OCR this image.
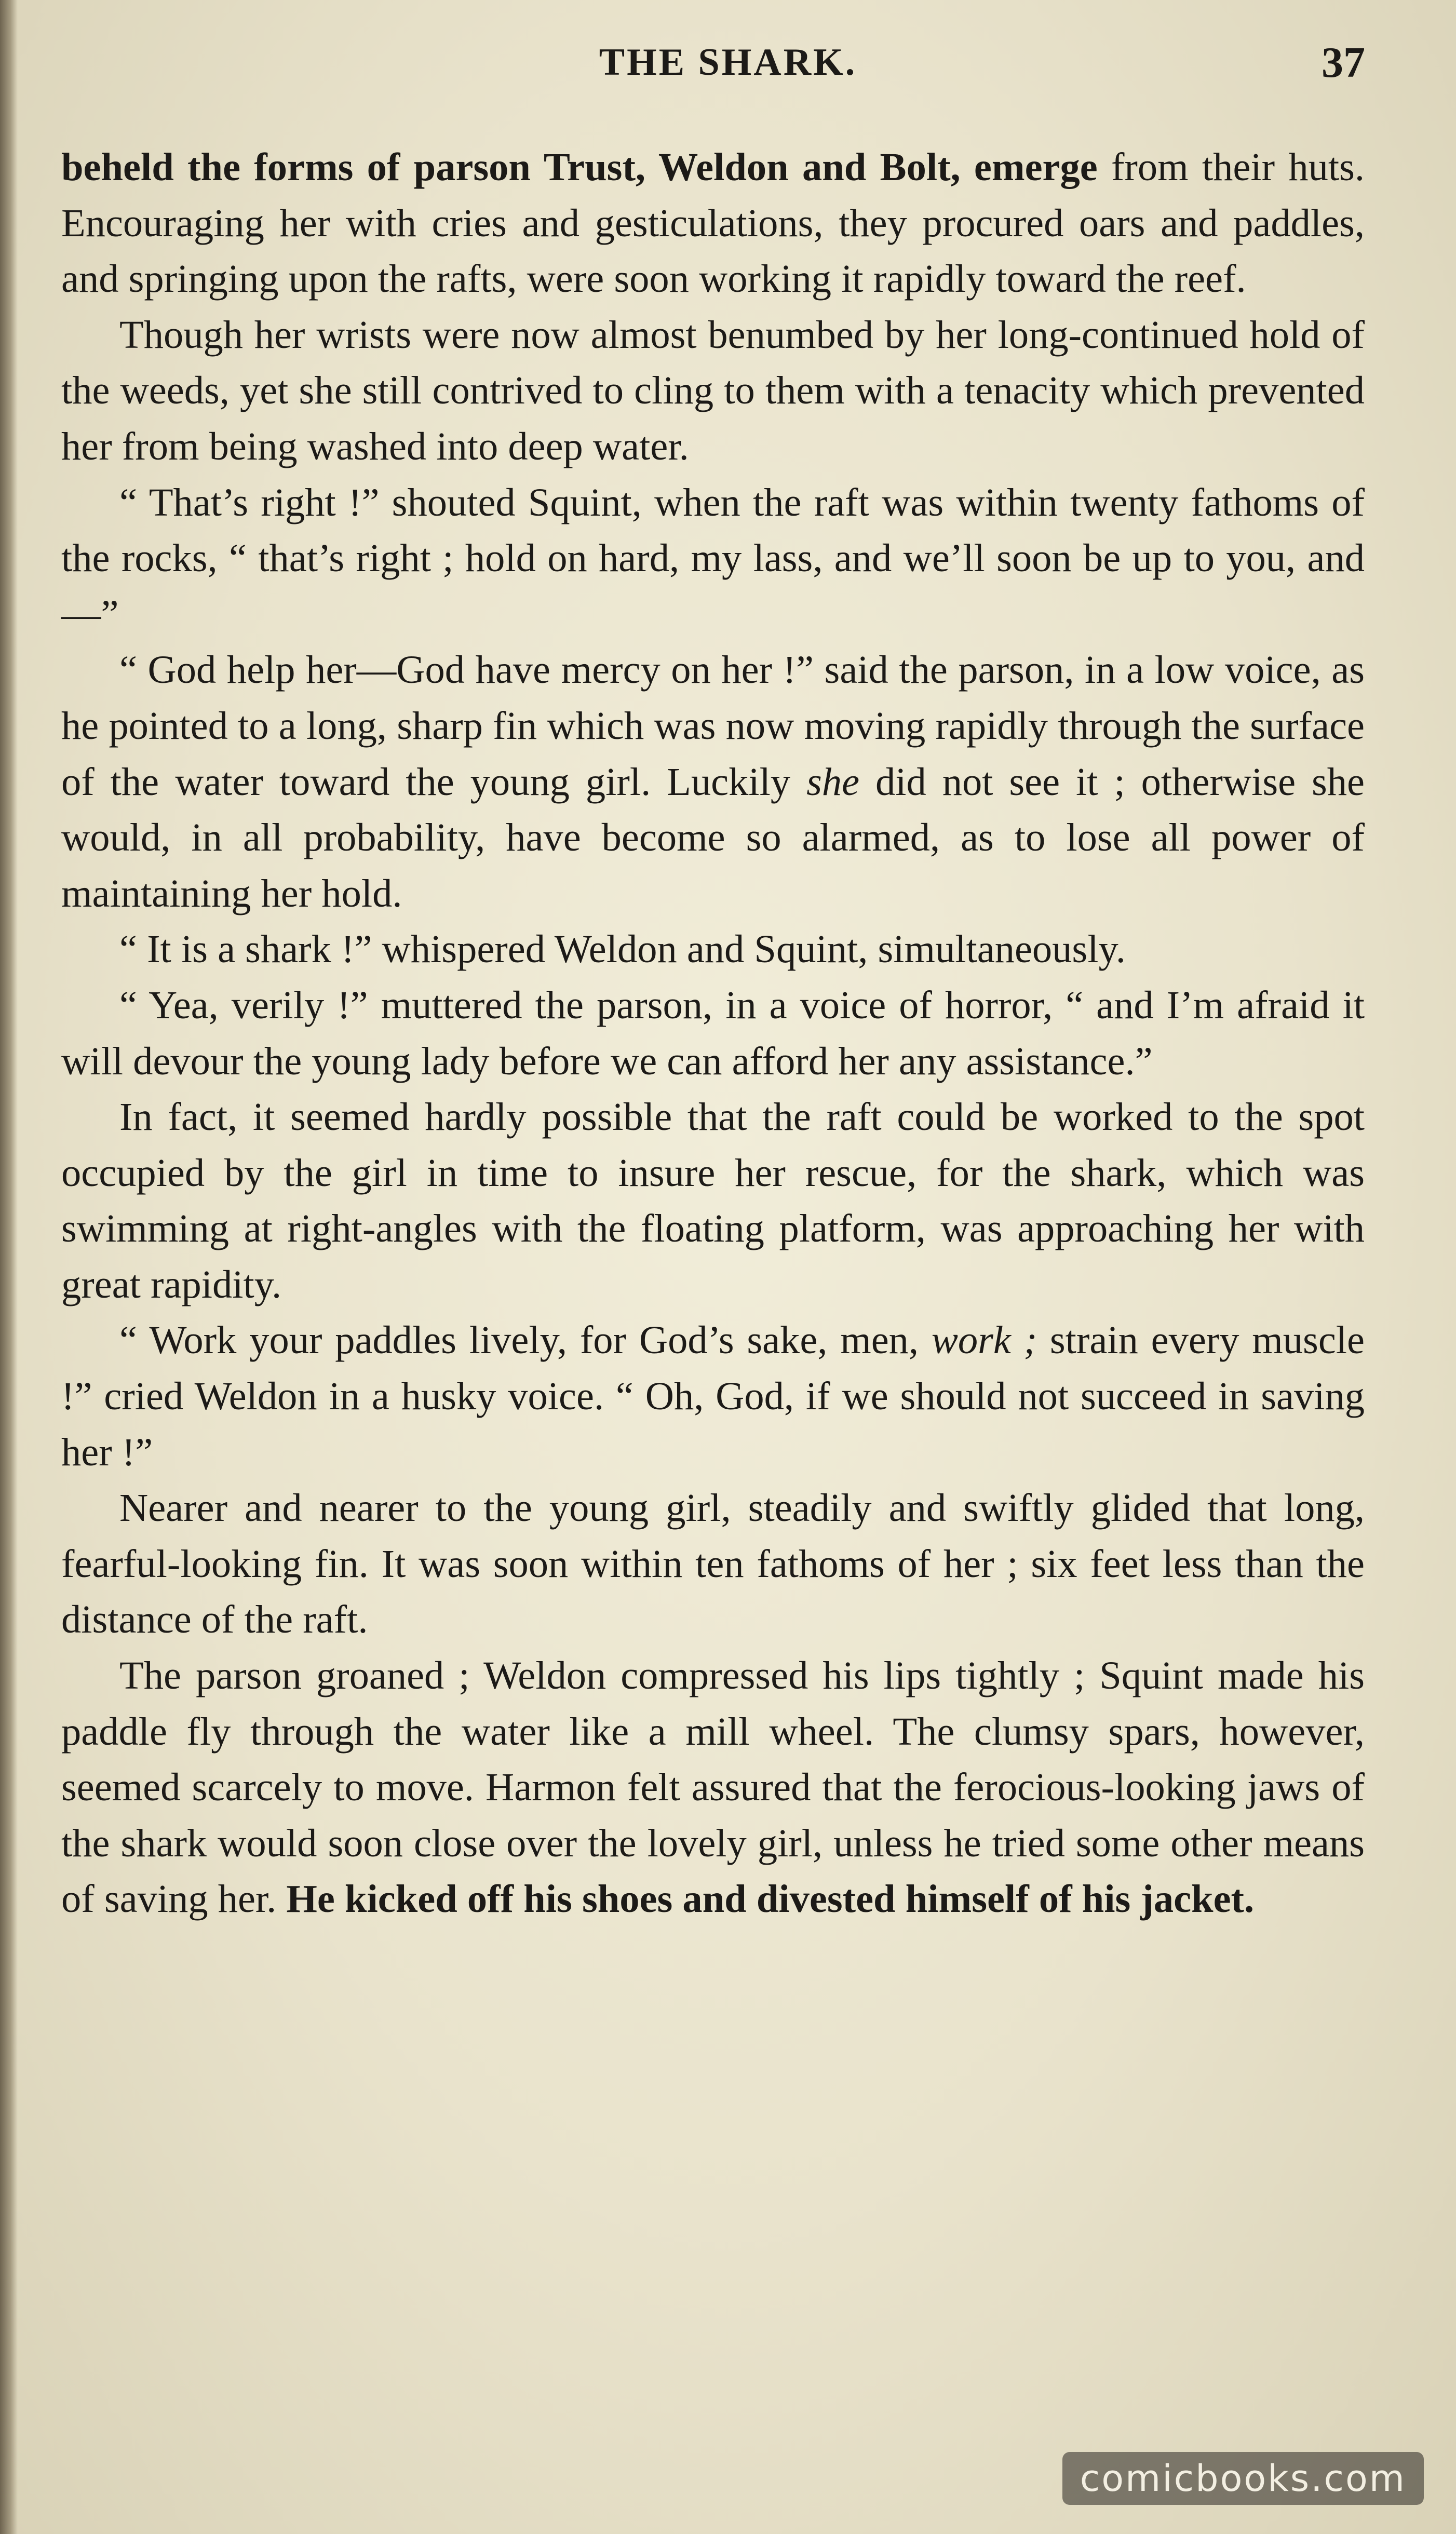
THE SHARK.	37

beheld the forms of parson Trust, Weldon and Bolt, emerge from their huts. Encouraging her with cries and gesticulations, they procured oars and paddles, and springing upon the rafts, were soon working it rapidly toward the reef.

Though her wrists were now almost benumbed by her long-continued hold of the weeds, yet she still contrived to cling to them with a tenacity which prevented her from being washed into deep water.

“ That’s right !” shouted Squint, when the raft was within twenty fathoms of the rocks, “ that’s right ; hold on hard, my lass, and we’ll soon be up to you, and—”

“ God help her—God have mercy on her !” said the parson, in a low voice, as he pointed to a long, sharp fin which was now moving rapidly through the surface of the water toward the young girl. Luckily she did not see it ; otherwise she would, in all probability, have become so alarmed, as to lose all power of maintaining her hold.

“ It is a shark !” whispered Weldon and Squint, simultaneously.

“ Yea, verily !” muttered the parson, in a voice of horror, “ and I’m afraid it will devour the young lady before we can afford her any assistance.”

In fact, it seemed hardly possible that the raft could be worked to the spot occupied by the girl in time to insure her rescue, for the shark, which was swimming at right-angles with the floating platform, was approaching her with great rapidity.

“ Work your paddles lively, for God’s sake, men, work ; strain every muscle !” cried Weldon in a husky voice. “ Oh, God, if we should not succeed in saving her !”

Nearer and nearer to the young girl, steadily and swiftly glided that long, fearful-looking fin. It was soon within ten fathoms of her ; six feet less than the distance of the raft.

The parson groaned ; Weldon compressed his lips tightly ; Squint made his paddle fly through the water like a mill wheel. The clumsy spars, however, seemed scarcely to move. Harmon felt assured that the ferocious-looking jaws of the shark would soon close over the lovely girl, unless he tried some other means of saving her. He kicked off his shoes and divested himself of his jacket.

comicbooks.com
